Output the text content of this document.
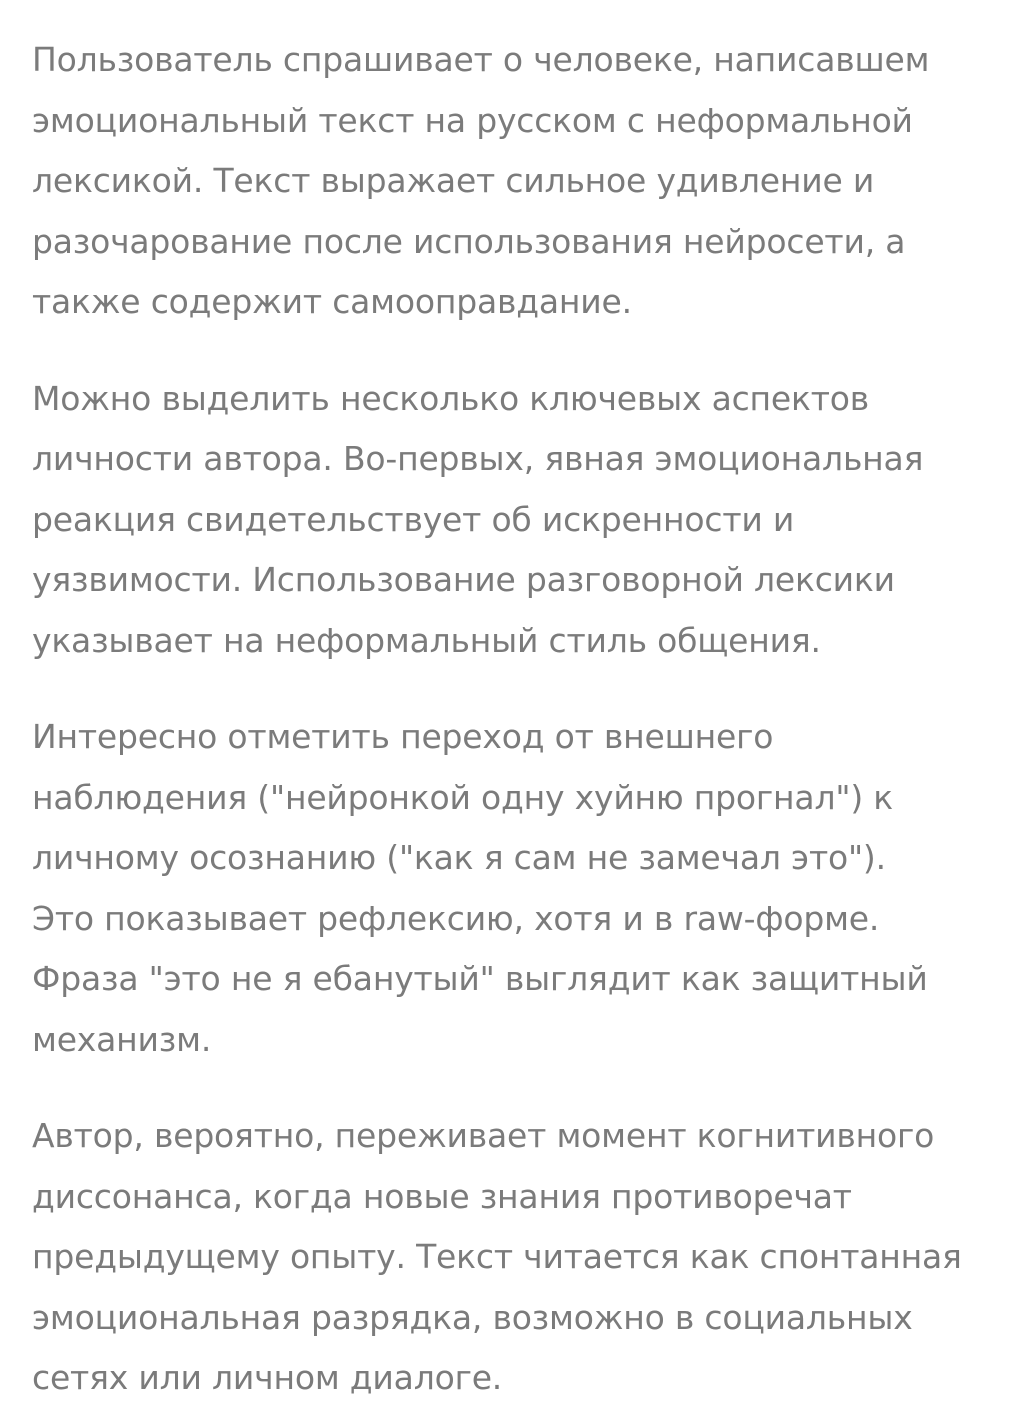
Пользователь спрашивает о человеке, написавшем
эмоциональный текст на русском с неформальной
лексикой. Текст выражает сильное удивление и
разочарование после использования нейросети, а
также содержит самооправдание.

Можно выделить несколько ключевых аспектов
личности автора. Во-первых, явная эмоциональная
реакция свидетельствует об искренности и
уязвимости. Использование разговорной лексики
указывает на неформальный стиль общения.

Интересно отметить переход от внешнего
наблюдения ("нейронкой одну хуйню прогнал") к
личному осознанию ("как я сам не замечал это").
Это показывает рефлексию, хотя и в raw-форме.
Фраза "это не я ебанутый" выглядит как защитный
механизм.

Автор, вероятно, переживает момент когнитивного
диссонанса, когда новые знания противоречат
предыдущему опыту. Текст читается как спонтанная
эмоциональная разрядка, возможно в социальных
сетях или личном диалоге.
